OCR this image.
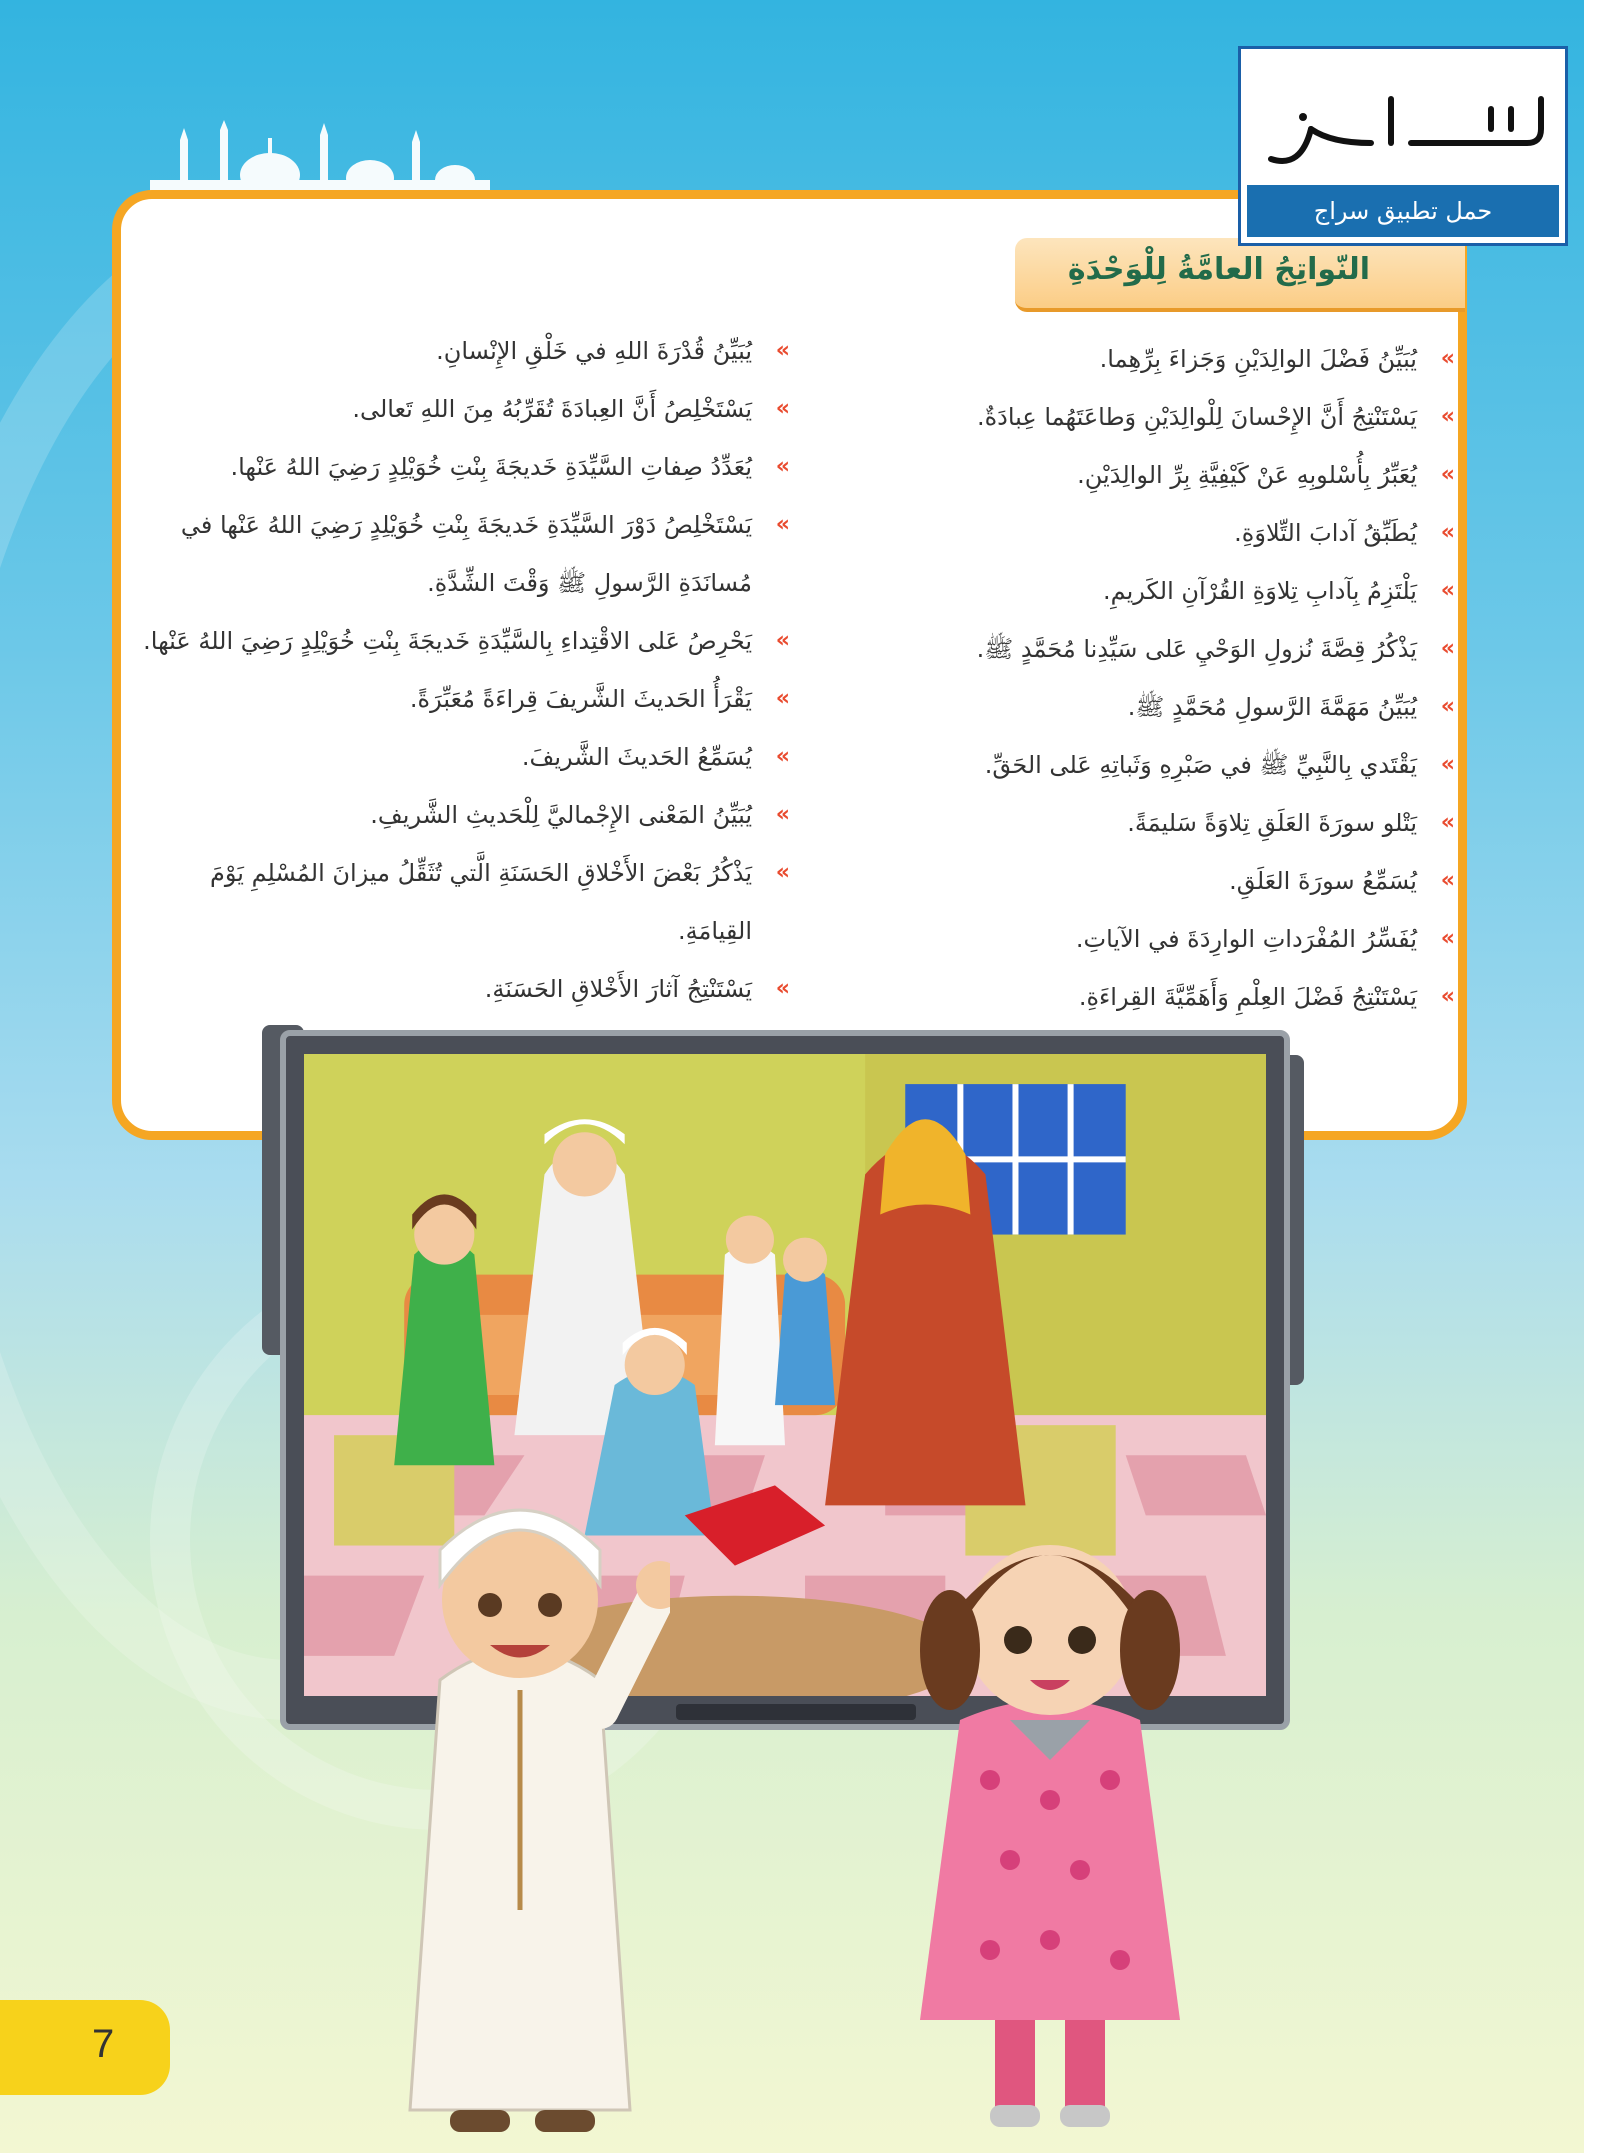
النّواتِجُ العامَّةُ لِلْوَحْدَةِ
حمل تطبيق سراج
»
يُبَيِّنُ فَضْلَ الوالِدَيْنِ وَجَزاءَ بِرِّهِما.
»
يَسْتَنْتِجُ أَنَّ الإِحْسانَ لِلْوالِدَيْنِ وَطاعَتَهُما عِبادَةٌ.
»
يُعَبِّرُ بِأُسْلوبِهِ عَنْ كَيْفِيَّةِ بِرِّ الوالِدَيْنِ.
»
يُطَبِّقُ آدابَ التِّلاوَةِ.
»
يَلْتَزِمُ بِآدابِ تِلاوَةِ القُرْآنِ الكَريمِ.
»
يَذْكُرُ قِصَّةَ نُزولِ الوَحْيِ عَلى سَيِّدِنا مُحَمَّدٍ ﷺ.
»
يُبَيِّنُ مَهَمَّةَ الرَّسولِ مُحَمَّدٍ ﷺ.
»
يَقْتَدي بِالنَّبِيِّ ﷺ في صَبْرِهِ وَثَباتِهِ عَلى الحَقِّ.
»
يَتْلو سورَةَ العَلَقِ تِلاوَةً سَليمَةً.
»
يُسَمِّعُ سورَةَ العَلَقِ.
»
يُفَسِّرُ المُفْرَداتِ الوارِدَةَ في الآياتِ.
»
يَسْتَنْتِجُ فَضْلَ العِلْمِ وَأَهَمِّيَّةَ القِراءَةِ.
»
يُبَيِّنُ قُدْرَةَ اللهِ في خَلْقِ الإِنْسانِ.
»
يَسْتَخْلِصُ أَنَّ العِبادَةَ تُقَرِّبُهُ مِنَ اللهِ تَعالى.
»
يُعَدِّدُ صِفاتِ السَّيِّدَةِ خَديجَةَ بِنْتِ خُوَيْلِدٍ رَضِيَ اللهُ عَنْها.
»
يَسْتَخْلِصُ دَوْرَ السَّيِّدَةِ خَديجَةَ بِنْتِ خُوَيْلِدٍ رَضِيَ اللهُ عَنْها في مُسانَدَةِ الرَّسولِ ﷺ وَقْتَ الشِّدَّةِ.
»
يَحْرِصُ عَلى الاقْتِداءِ بِالسَّيِّدَةِ خَديجَةَ بِنْتِ خُوَيْلِدٍ رَضِيَ اللهُ عَنْها.
»
يَقْرَأُ الحَديثَ الشَّريفَ قِراءَةً مُعَبِّرَةً.
»
يُسَمِّعُ الحَديثَ الشَّريفَ.
»
يُبَيِّنُ المَعْنى الإِجْماليَّ لِلْحَديثِ الشَّريفِ.
»
يَذْكُرُ بَعْضَ الأَخْلاقِ الحَسَنَةِ الَّتي تُثَقِّلُ ميزانَ المُسْلِمِ يَوْمَ القِيامَةِ.
»
يَسْتَنْتِجُ آثارَ الأَخْلاقِ الحَسَنَةِ.
7
